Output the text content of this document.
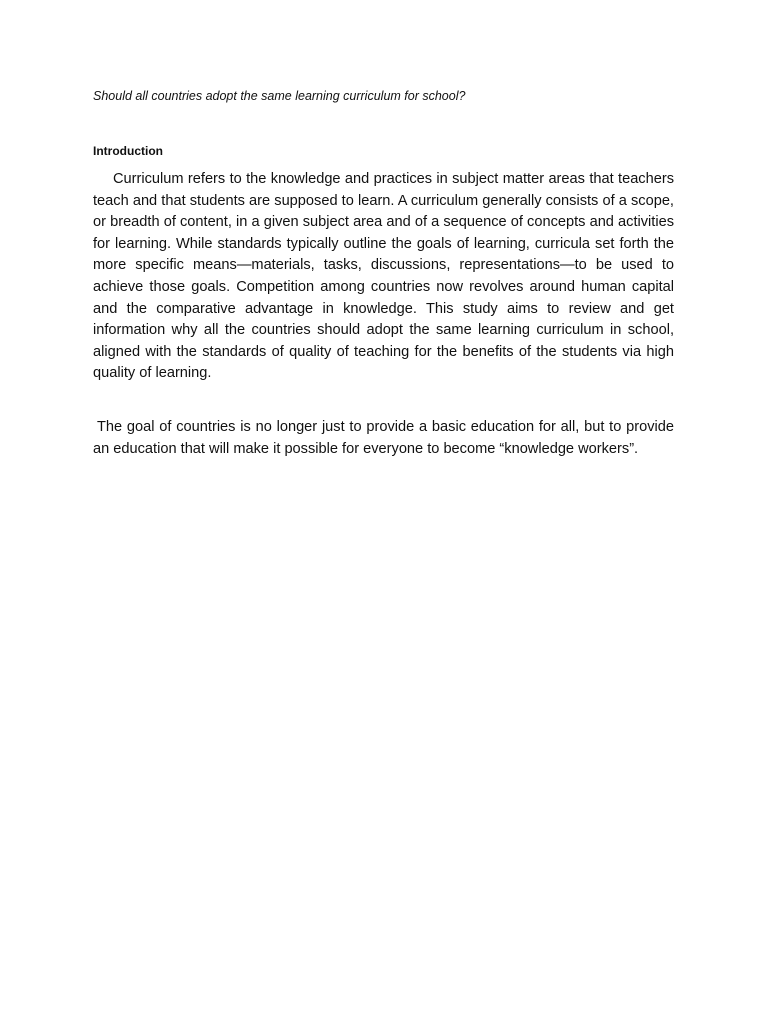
Should all countries adopt the same learning curriculum for school?
Introduction

Curriculum refers to the knowledge and practices in subject matter areas that teachers teach and that students are supposed to learn. A curriculum generally consists of a scope, or breadth of content, in a given subject area and of a sequence of concepts and activities for learning. While standards typically outline the goals of learning, curricula set forth the more specific means—materials, tasks, discussions, representations—to be used to achieve those goals. Competition among countries now revolves around human capital and the comparative advantage in knowledge. This study aims to review and get information why all the countries should adopt the same learning curriculum in school, aligned with the standards of quality of teaching for the benefits of the students via high quality of learning.

The goal of countries is no longer just to provide a basic education for all, but to provide an education that will make it possible for everyone to become “knowledge workers”.
